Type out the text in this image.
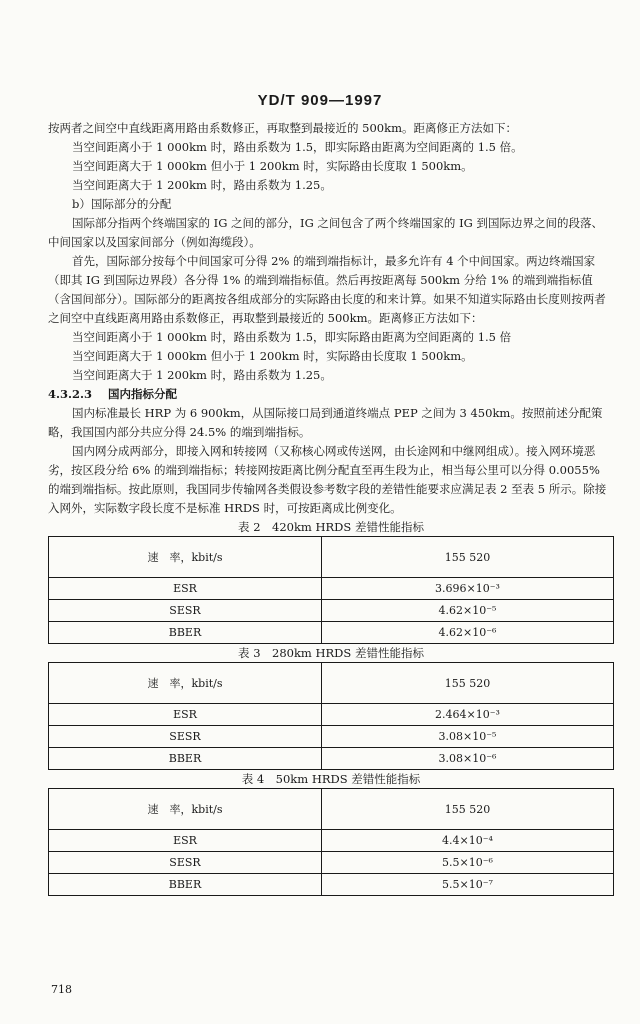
YD/T 909—1997

按两者之间空中直线距离用路由系数修正，再取整到最接近的 500km。距离修正方法如下：

当空间距离小于 1 000km 时，路由系数为 1.5，即实际路由距离为空间距离的 1.5 倍。

当空间距离大于 1 000km 但小于 1 200km 时，实际路由长度取 1 500km。

当空间距离大于 1 200km 时，路由系数为 1.25。

b）国际部分的分配

国际部分指两个终端国家的 IG 之间的部分，IG 之间包含了两个终端国家的 IG 到国际边界之间的段落、中间国家以及国家间部分（例如海缆段）。

首先，国际部分按每个中间国家可分得 2% 的端到端指标计，最多允许有 4 个中间国家。两边终端国家（即其 IG 到国际边界段）各分得 1% 的端到端指标值。然后再按距离每 500km 分给 1% 的端到端指标值（含国间部分）。国际部分的距离按各组成部分的实际路由长度的和来计算。如果不知道实际路由长度则按两者之间空中直线距离用路由系数修正，再取整到最接近的 500km。距离修正方法如下：

当空间距离小于 1 000km 时，路由系数为 1.5，即实际路由距离为空间距离的 1.5 倍

当空间距离大于 1 000km 但小于 1 200km 时，实际路由长度取 1 500km。

当空间距离大于 1 200km 时，路由系数为 1.25。

4.3.2.3 国内指标分配

国内标准最长 HRP 为 6 900km，从国际接口局到通道终端点 PEP 之间为 3 450km。按照前述分配策略，我国国内部分共应分得 24.5% 的端到端指标。

国内网分成两部分，即接入网和转接网（又称核心网或传送网，由长途网和中继网组成）。接入网环境恶劣，按区段分给 6% 的端到端指标；转接网按距离比例分配直至再生段为止，相当每公里可以分得 0.0055% 的端到端指标。按此原则，我国同步传输网各类假设参考数字段的差错性能要求应满足表 2 至表 5 所示。除接入网外，实际数字段长度不是标准 HRDS 时，可按距离成比例变化。

表 2　420km HRDS 差错性能指标

速　率，kbit/s	155 520
ESR	3.696×10⁻³
SESR	4.62×10⁻⁵
BBER	4.62×10⁻⁶

表 3　280km HRDS 差错性能指标

速　率，kbit/s	155 520
ESR	2.464×10⁻³
SESR	3.08×10⁻⁵
BBER	3.08×10⁻⁶

表 4　50km HRDS 差错性能指标

速　率，kbit/s	155 520
ESR	4.4×10⁻⁴
SESR	5.5×10⁻⁶
BBER	5.5×10⁻⁷
718
